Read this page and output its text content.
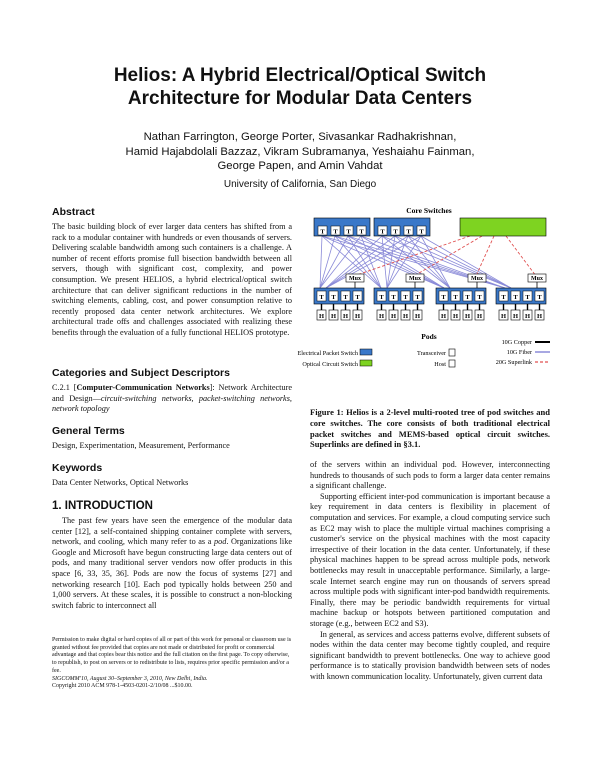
Helios: A Hybrid Electrical/Optical Switch
Architecture for Modular Data Centers
Nathan Farrington, George Porter, Sivasankar Radhakrishnan,
Hamid Hajabdolali Bazzaz, Vikram Subramanya, Yeshaiahu Fainman,
George Papen, and Amin Vahdat
University of California, San Diego
Abstract

The basic building block of ever larger data centers has shifted from a rack to a modular container with hundreds or even thousands of servers. Delivering scalable bandwidth among such containers is a challenge. A number of recent efforts promise full bisection bandwidth between all servers, though with significant cost, complexity, and power consumption. We present HELIOS, a hybrid electrical/optical switch architecture that can deliver significant reductions in the number of switching elements, cabling, cost, and power consumption relative to recently proposed data center network architectures. We explore architectural trade offs and challenges associated with realizing these benefits through the evaluation of a fully functional HELIOS prototype.

Categories and Subject Descriptors

C.2.1 [Computer-Communication Networks]: Network Architecture and Design—circuit-switching networks, packet-switching networks, network topology

General Terms

Design, Experimentation, Measurement, Performance

Keywords

Data Center Networks, Optical Networks

1. INTRODUCTION

The past few years have seen the emergence of the modular data center [12], a self-contained shipping container complete with servers, network, and cooling, which many refer to as a pod. Organizations like Google and Microsoft have begun constructing large data centers out of pods, and many traditional server vendors now offer products in this space [6, 33, 35, 36]. Pods are now the focus of systems [27] and networking research [10]. Each pod typically holds between 250 and 1,000 servers. At these scales, it is possible to construct a non-blocking switch fabric to interconnect all

Permission to make digital or hard copies of all or part of this work for personal or classroom use is granted without fee provided that copies are not made or distributed for profit or commercial advantage and that copies bear this notice and the full citation on the first page. To copy otherwise, to republish, to post on servers or to redistribute to lists, requires prior specific permission and/or a fee.
SIGCOMM'10, August 30–September 3, 2010, New Delhi, India.
Copyright 2010 ACM 978-1-4503-0201-2/10/08 ...$10.00.
Core Switches
T T T T	T T T T
Mux
T T T T
H H H H
Mux
T T T T
H H H H
Mux
T T T T
H H H H
Mux
T T T T
H H H H
Pods
Electrical Packet Switch
Optical Circuit Switch
Transceiver
Host
10G Copper
10G Fiber
20G Superlink
Figure 1: Helios is a 2-level multi-rooted tree of pod switches and core switches. The core consists of both traditional electrical packet switches and MEMS-based optical circuit switches. Superlinks are defined in §3.1.

of the servers within an individual pod. However, interconnecting hundreds to thousands of such pods to form a larger data center remains a significant challenge.

Supporting efficient inter-pod communication is important because a key requirement in data centers is flexibility in placement of computation and services. For example, a cloud computing service such as EC2 may wish to place the multiple virtual machines comprising a customer's service on the physical machines with the most capacity irrespective of their location in the data center. Unfortunately, if these physical machines happen to be spread across multiple pods, network bottlenecks may result in unacceptable performance. Similarly, a large-scale Internet search engine may run on thousands of servers spread across multiple pods with significant inter-pod bandwidth requirements. Finally, there may be periodic bandwidth requirements for virtual machine backup or hotspots between partitioned computation and storage (e.g., between EC2 and S3).

In general, as services and access patterns evolve, different subsets of nodes within the data center may become tightly coupled, and require significant bandwidth to prevent bottlenecks. One way to achieve good performance is to statically provision bandwidth between sets of nodes with known communication locality. Unfortunately, given current data
